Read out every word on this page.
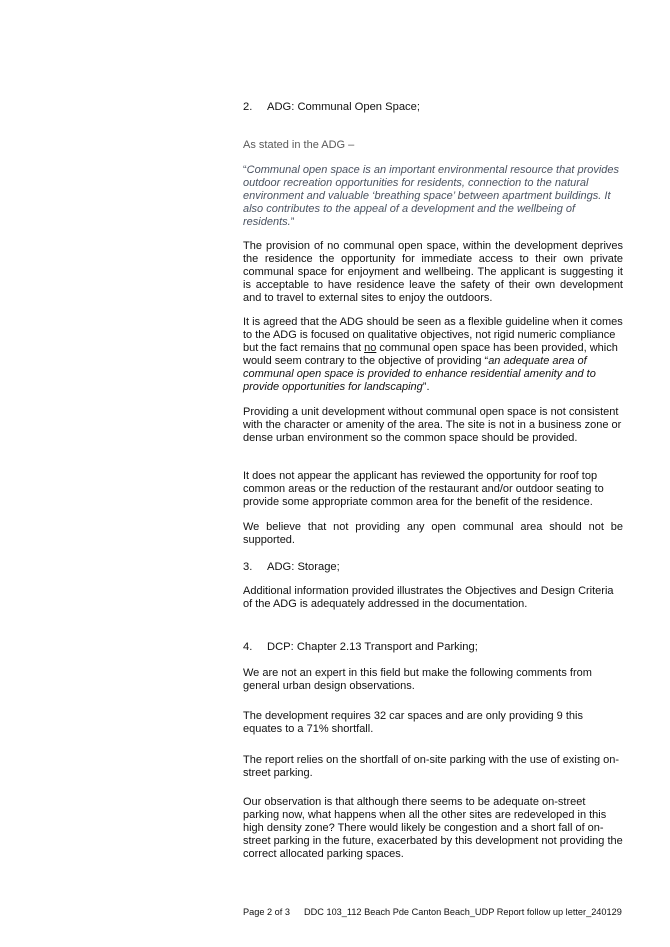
2.	ADG: Communal Open Space;

As stated in the ADG –

“Communal open space is an important environmental resource that provides outdoor recreation opportunities for residents, connection to the natural environment and valuable ‘breathing space’ between apartment buildings. It also contributes to the appeal of a development and the wellbeing of residents.”

The provision of no communal open space, within the development deprives the residence the opportunity for immediate access to their own private communal space for enjoyment and wellbeing. The applicant is suggesting it is acceptable to have residence leave the safety of their own development and to travel to external sites to enjoy the outdoors.

It is agreed that the ADG should be seen as a flexible guideline when it comes to the ADG is focused on qualitative objectives, not rigid numeric compliance but the fact remains that no communal open space has been provided, which would seem contrary to the objective of providing “an adequate area of communal open space is provided to enhance residential amenity and to provide opportunities for landscaping”.

Providing a unit development without communal open space is not consistent with the character or amenity of the area. The site is not in a business zone or dense urban environment so the common space should be provided.

It does not appear the applicant has reviewed the opportunity for roof top common areas or the reduction of the restaurant and/or outdoor seating to provide some appropriate common area for the benefit of the residence.

We believe that not providing any open communal area should not be supported.

3.	ADG: Storage;

Additional information provided illustrates the Objectives and Design Criteria of the ADG is adequately addressed in the documentation.

4.	DCP: Chapter 2.13 Transport and Parking;

We are not an expert in this field but make the following comments from general urban design observations.

The development requires 32 car spaces and are only providing 9 this equates to a 71% shortfall.

The report relies on the shortfall of on-site parking with the use of existing on-street parking.

Our observation is that although there seems to be adequate on-street parking now, what happens when all the other sites are redeveloped in this high density zone? There would likely be congestion and a short fall of on-street parking in the future, exacerbated by this development not providing the correct allocated parking spaces.

Page 2 of 3 DDC 103_112 Beach Pde Canton Beach_UDP Report follow up letter_240129
